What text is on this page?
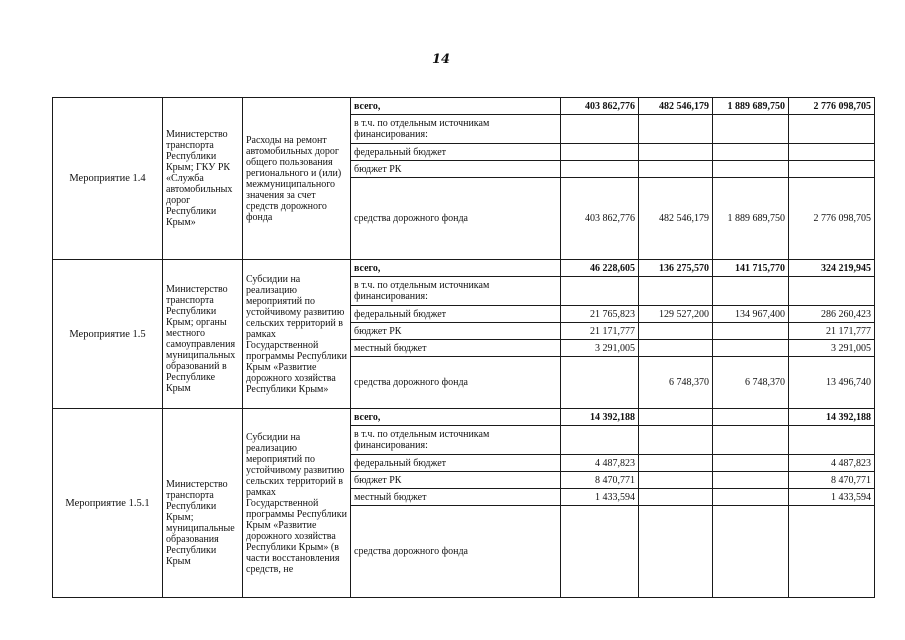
14
Мероприятие 1.4	Министерство транспорта Республики Крым; ГКУ РК «Служба автомобильных дорог Республики Крым»	Расходы на ремонт автомобильных дорог общего пользования регионального и (или) межмуниципального значения за счет средств дорожного фонда	всего,	403 862,776	482 546,179	1 889 689,750	2 776 098,705
			в т.ч. по отдельным источникам финансирования:				
			федеральный бюджет				
			бюджет РК				
			средства дорожного фонда	403 862,776	482 546,179	1 889 689,750	2 776 098,705
Мероприятие 1.5	Министерство транспорта Республики Крым; органы местного самоуправления муниципальных образований в Республике Крым	Субсидии на реализацию мероприятий по устойчивому развитию сельских территорий в рамках Государственной программы Республики Крым «Развитие дорожного хозяйства Республики Крым»	всего,	46 228,605	136 275,570	141 715,770	324 219,945
			в т.ч. по отдельным источникам финансирования:				
			федеральный бюджет	21 765,823	129 527,200	134 967,400	286 260,423
			бюджет РК	21 171,777			21 171,777
			местный бюджет	3 291,005			3 291,005
			средства дорожного фонда		6 748,370	6 748,370	13 496,740
Мероприятие 1.5.1	Министерство транспорта Республики Крым; муниципальные образования Республики Крым	Субсидии на реализацию мероприятий по устойчивому развитию сельских территорий в рамках Государственной программы Республики Крым «Развитие дорожного хозяйства Республики Крым» (в части восстановления средств, не	всего,	14 392,188			14 392,188
			в т.ч. по отдельным источникам финансирования:				
			федеральный бюджет	4 487,823			4 487,823
			бюджет РК	8 470,771			8 470,771
			местный бюджет	1 433,594			1 433,594
			средства дорожного фонда				
